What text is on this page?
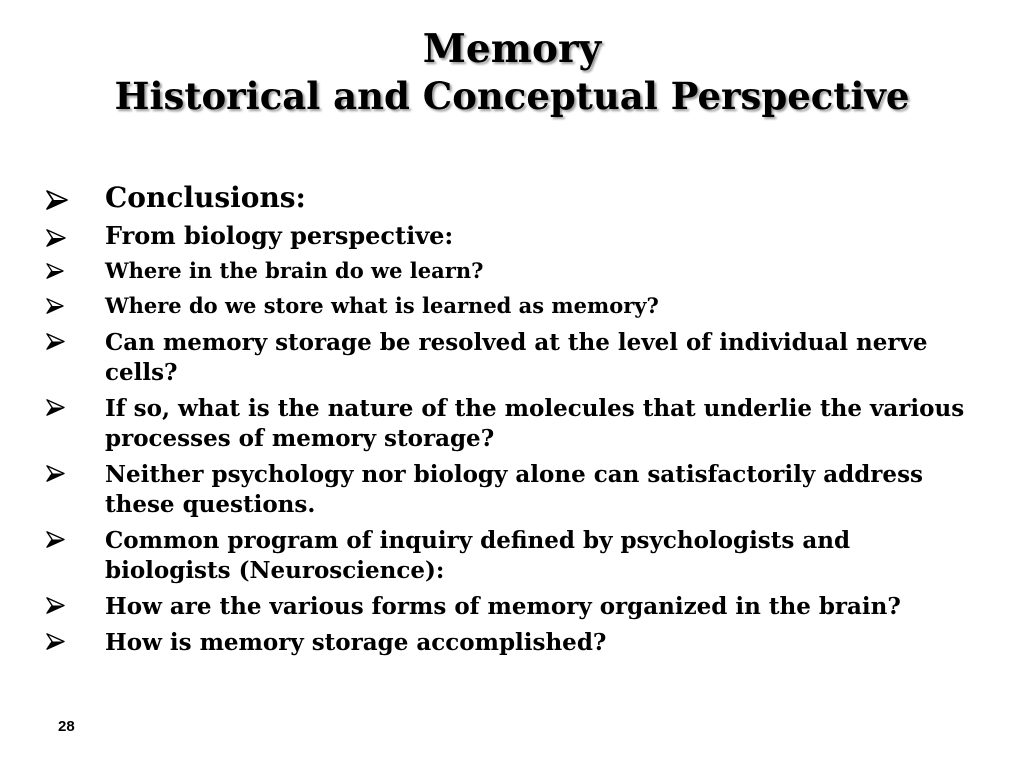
Memory
Historical and Conceptual Perspective
Conclusions:
From biology perspective:
Where in the brain do we learn?
Where do we store what is learned as memory?
Can memory storage be resolved at the level of individual nerve cells?
If so, what is the nature of the molecules that underlie the various processes of memory storage?
Neither psychology nor biology alone can satisfactorily address these questions.
Common program of inquiry defined by psychologists and biologists (Neuroscience):
How are the various forms of memory organized in the brain?
How is memory storage accomplished?
28
